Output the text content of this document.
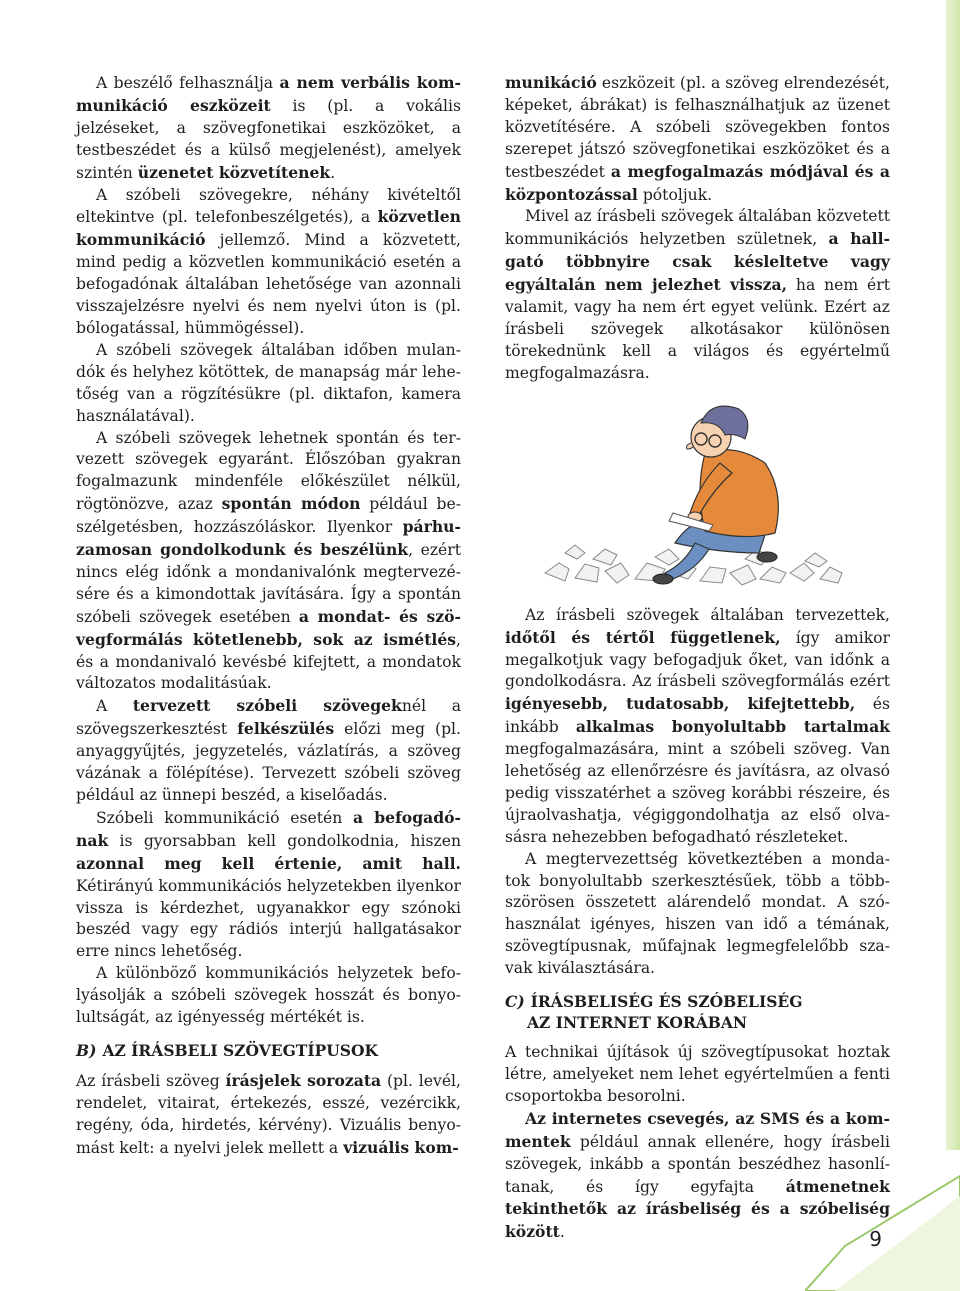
A beszélő felhasználja a nem verbális kommunikáció eszközeit is (pl. a vokális jelzéseket, a szövegfonetikai eszközöket, a testbeszédet és a külső megjelenést), amelyek szintén üzenetet közvetítenek.

A szóbeli szövegekre, néhány kivételtől eltekintve (pl. telefonbeszélgetés), a közvetlen kommunikáció jellemző. Mind a közvetett, mind pedig a közvetlen kommunikáció esetén a befogadónak általában lehetősége van azonnali visszajelzésre nyelvi és nem nyelvi úton is (pl. bólogatással, hümmögéssel).

A szóbeli szövegek általában időben mulandók és helyhez kötöttek, de manapság már lehetőség van a rögzítésükre (pl. diktafon, kamera használatával).

A szóbeli szövegek lehetnek spontán és tervezett szövegek egyaránt. Élőszóban gyakran fogalmazunk mindenféle előkészület nélkül, rögtönözve, azaz spontán módon például beszélgetésben, hozzászóláskor. Ilyenkor párhuzamosan gondolkodunk és beszélünk, ezért nincs elég időnk a mondanivalónk megtervezésére és a kimondottak javítására. Így a spontán szóbeli szövegek esetében a mondat- és szövegformálás kötetlenebb, sok az ismétlés, és a mondanivaló kevésbé kifejtett, a mondatok változatos modalitásúak.

A tervezett szóbeli szövegeknél a szövegszerkesztést felkészülés előzi meg (pl. anyaggyűjtés, jegyzetelés, vázlatírás, a szöveg vázának a fölépítése). Tervezett szóbeli szöveg például az ünnepi beszéd, a kiselőadás.

Szóbeli kommunikáció esetén a befogadónak is gyorsabban kell gondolkodnia, hiszen azonnal meg kell értenie, amit hall. Kétirányú kommunikációs helyzetekben ilyenkor vissza is kérdezhet, ugyanakkor egy szónoki beszéd vagy egy rádiós interjú hallgatásakor erre nincs lehetőség.

A különböző kommunikációs helyzetek befolyásolják a szóbeli szövegek hosszát és bonyolultságát, az igényesség mértékét is.

B) AZ ÍRÁSBELI SZÖVEGTÍPUSOK

Az írásbeli szöveg írásjelek sorozata (pl. levél, rendelet, vitairat, értekezés, esszé, vezércikk, regény, óda, hirdetés, kérvény). Vizuális benyomást kelt: a nyelvi jelek mellett a vizuális kom-

munikáció eszközeit (pl. a szöveg elrendezését, képeket, ábrákat) is felhasználhatjuk az üzenet közvetítésére. A szóbeli szövegekben fontos szerepet játszó szövegfonetikai eszközöket és a testbeszédet a megfogalmazás módjával és a központozással pótoljuk.

Mivel az írásbeli szövegek általában közvetett kommunikációs helyzetben születnek, a hallgató többnyire csak késleltetve vagy egyáltalán nem jelezhet vissza, ha nem ért valamit, vagy ha nem ért egyet velünk. Ezért az írásbeli szövegek alkotásakor különösen törekednünk kell a világos és egyértelmű megfogalmazásra.

Az írásbeli szövegek általában tervezettek, időtől és tértől függetlenek, így amikor megalkotjuk vagy befogadjuk őket, van időnk a gondolkodásra. Az írásbeli szövegformálás ezért igényesebb, tudatosabb, kifejtettebb, és inkább alkalmas bonyolultabb tartalmak megfogalmazására, mint a szóbeli szöveg. Van lehetőség az ellenőrzésre és javításra, az olvasó pedig visszatérhet a szöveg korábbi részeire, és újraolvashatja, végiggondolhatja az első olvasásra nehezebben befogadható részleteket.

A megtervezettség következtében a mondatok bonyolultabb szerkesztésűek, több a többszörösen összetett alárendelő mondat. A szóhasználat igényes, hiszen van idő a témának, szövegtípusnak, műfajnak legmegfelelőbb szavak kiválasztására.

C) ÍRÁSBELISÉG ÉS SZÓBELISÉG
AZ INTERNET KORÁBAN

A technikai újítások új szövegtípusokat hoztak létre, amelyeket nem lehet egyértelműen a fenti csoportokba besorolni.

Az internetes csevegés, az SMS és a kommentek például annak ellenére, hogy írásbeli szövegek, inkább a spontán beszédhez hasonlítanak, és így egyfajta átmenetnek tekinthetők az írásbeliség és a szóbeliség között.	9
